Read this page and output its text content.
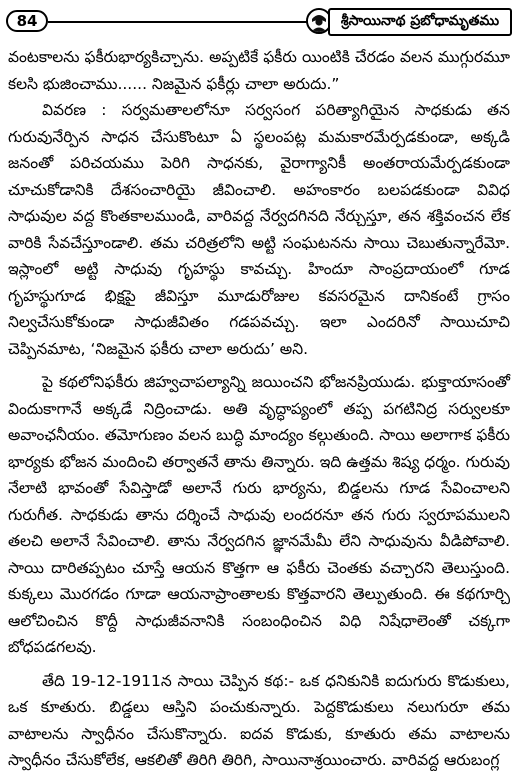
84	శ్రీసాయినాథ ప్రబోధామృతము

వంటకాలను ఫకీరుభార్యకిచ్చాను. అప్పటికే ఫకీరు యింటికి చేరడం వలన ముగ్గురమూ కలసి భుజించాము...... నిజమైన ఫకీర్లు చాలా అరుదు.”

వివరణ : సర్వమతాలలోనూ సర్వసంగ పరిత్యాగియైన సాధకుడు తన గురువునేర్పిన సాధన చేసుకొంటూ ఏ స్థలంపట్ల మమకారమేర్పడకుండా, అక్కడి జనంతో పరిచయము పెరిగి సాధనకు, వైరాగ్యానికీ అంతరాయమేర్పడకుండా చూచుకోడానికి దేశసంచారియై జీవించాలి. అహంకారం బలపడకుండా వివిధ సాధువుల వద్ద కొంతకాలముండి, వారివద్ద నేర్వదగినది నేర్చుస్తూ, తన శక్తివంచన లేక వారికి సేవచేస్తూండాలి. తమ చరిత్రలోని అట్టి సంఘటనను సాయి చెబుతున్నారేమో. ఇస్లాంలో అట్టి సాధువు గృహస్థు కావచ్చు. హిందూ సాంప్రదాయంలో గూడ గృహస్థుగూడ భిక్షపై జీవిస్తూ మూడురోజుల కవసరమైన దానికంటే గ్రాసం నిల్వచేసుకోకుండా సాధుజీవితం గడపవచ్చు. ఇలా ఎందరినో సాయిచూచి చెప్పినమాట, ‘నిజమైన ఫకీరు చాలా అరుదు’ అని.

పై కథలోనిఫకీరు జిహ్వచాపల్యాన్ని జయించని భోజనప్రియుడు. భుక్తాయాసంతో విందుకాగానే అక్కడే నిద్రించాడు. అతి వృద్ధాప్యంలో తప్ప పగటినిద్ర సర్వులకూ అవాంఛనీయం. తమోగుణం వలన బుద్ధి మాంద్యం కల్గుతుంది. సాయి అలాగాక ఫకీరు భార్యకు భోజన మందించి తర్వాతనే తాను తిన్నారు. ఇది ఉత్తమ శిష్య ధర్మం. గురువు నేలాటి భావంతో సేవిస్తాడో అలానే గురు భార్యను, బిడ్డలను గూడ సేవించాలని గురుగీత. సాధకుడు తాను దర్శించే సాధువు లందరనూ తన గురు స్వరూపములని తలచి అలానే సేవించాలి. తాను నేర్వదగిన జ్ఞానమేమీ లేని సాధువును వీడిపోవాలి. సాయి దారితప్పటం చూస్తే ఆయన కొత్తగా ఆ ఫకీరు చెంతకు వచ్చారని తెలుస్తుంది. కుక్కలు మొరగడం గూడా ఆయనాప్రాంతాలకు కొత్తవారని తెల్పుతుంది. ఈ కథగూర్చి ఆలోచించిన కొద్దీ సాధుజీవనానికి సంబంధించిన విధి నిషేధాలెంతో చక్కగా బోధపడగలవు.

తేది 19-12-1911న సాయి చెప్పిన కథ:- ఒక ధనికునికి ఐదుగురు కొడుకులు, ఒక కూతురు. బిడ్డలు ఆస్తిని పంచుకున్నారు. పెద్దకొడుకులు నలుగురూ తమ వాటాలను స్వాధీనం చేసుకొన్నారు. ఐదవ కొడుకు, కూతురు తమ వాటాలను స్వాధీనం చేసుకోలేక, ఆకలితో తిరిగి తిరిగి, సాయినాశ్రయించారు. వారివద్ద ఆరుబంగ్ల
